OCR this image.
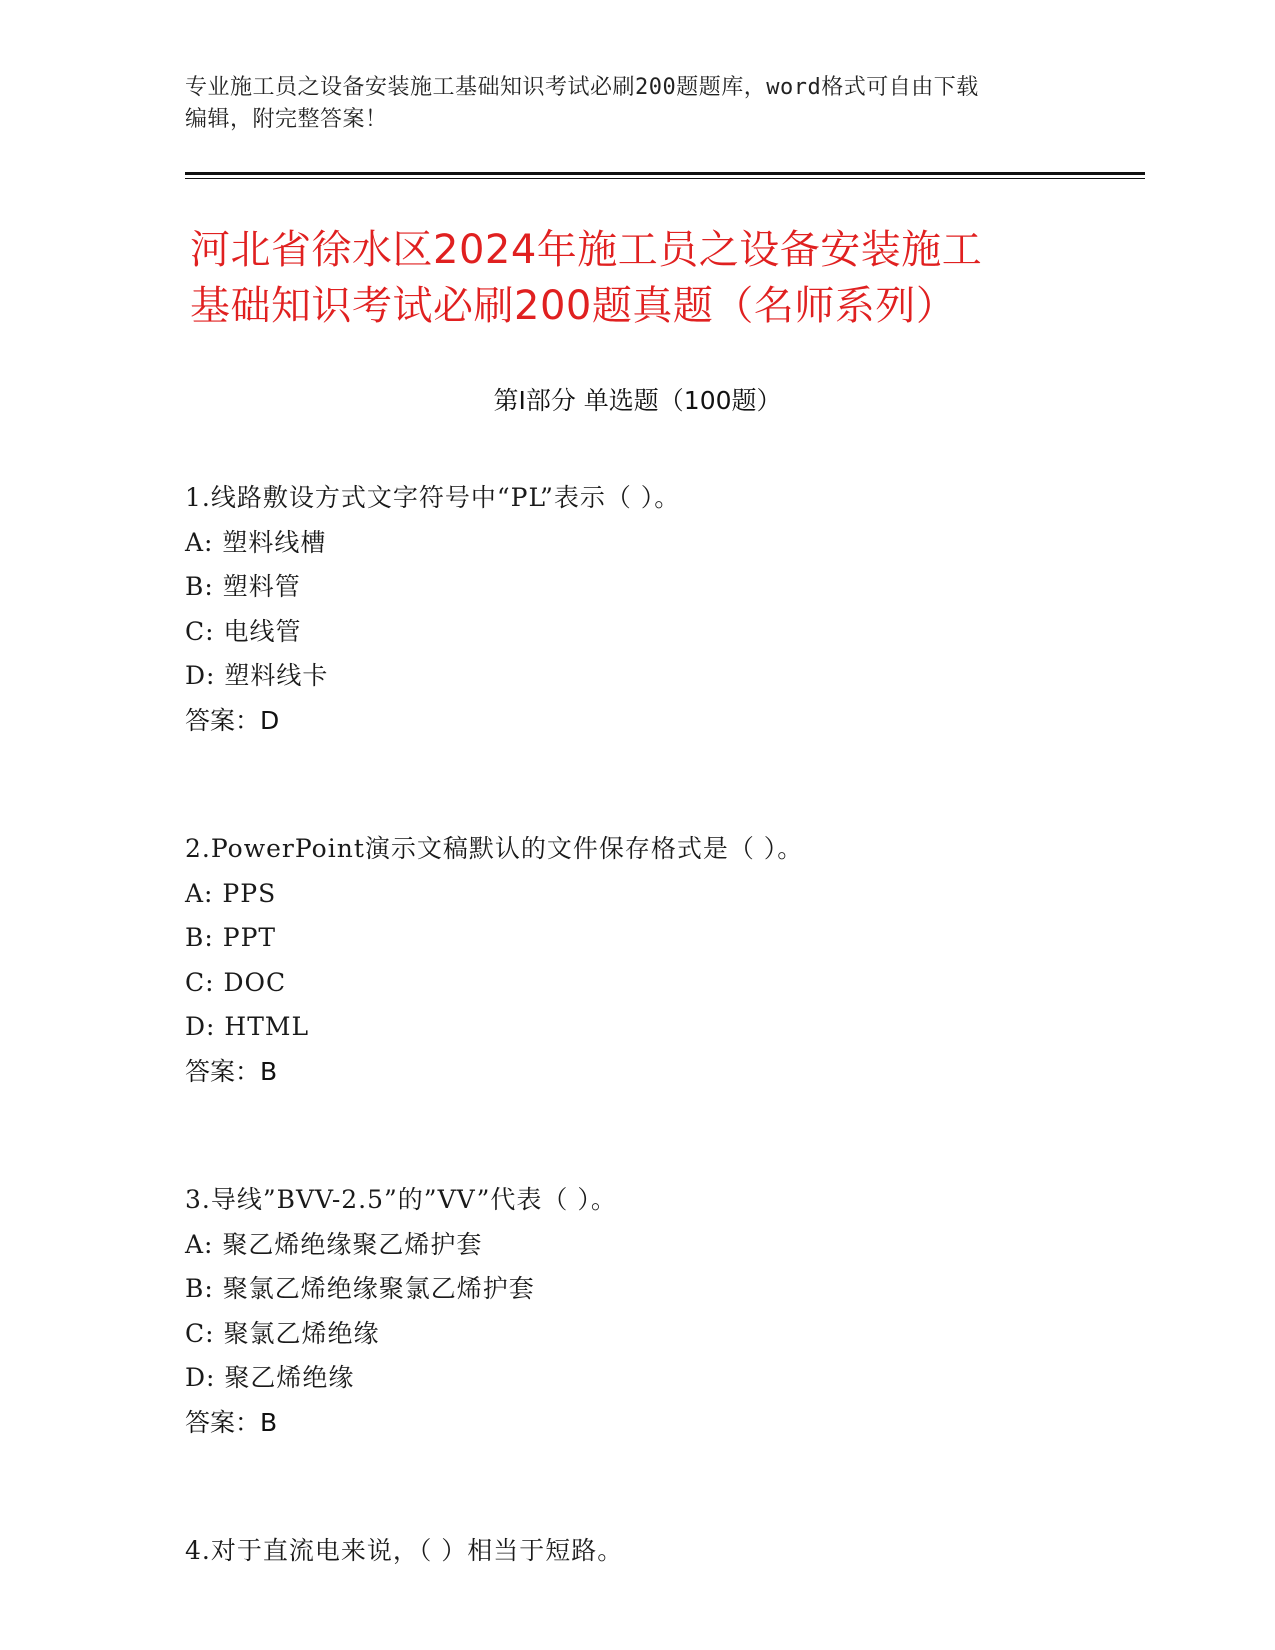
专业施工员之设备安装施工基础知识考试必刷200题题库，word格式可自由下载
编辑，附完整答案！
河北省徐水区2024年施工员之设备安装施工
基础知识考试必刷200题真题（名师系列）
第Ⅰ部分 单选题（100题）
1.线路敷设方式文字符号中“PL”表示（ ）。
A: 塑料线槽
B: 塑料管
C: 电线管
D: 塑料线卡
答案：D
2.PowerPoint演示文稿默认的文件保存格式是（ ）。
A: PPS
B: PPT
C: DOC
D: HTML
答案：B
3.导线”BVV-2.5”的”VV”代表（ ）。
A: 聚乙烯绝缘聚乙烯护套
B: 聚氯乙烯绝缘聚氯乙烯护套
C: 聚氯乙烯绝缘
D: 聚乙烯绝缘
答案：B
4.对于直流电来说，（ ）相当于短路。
